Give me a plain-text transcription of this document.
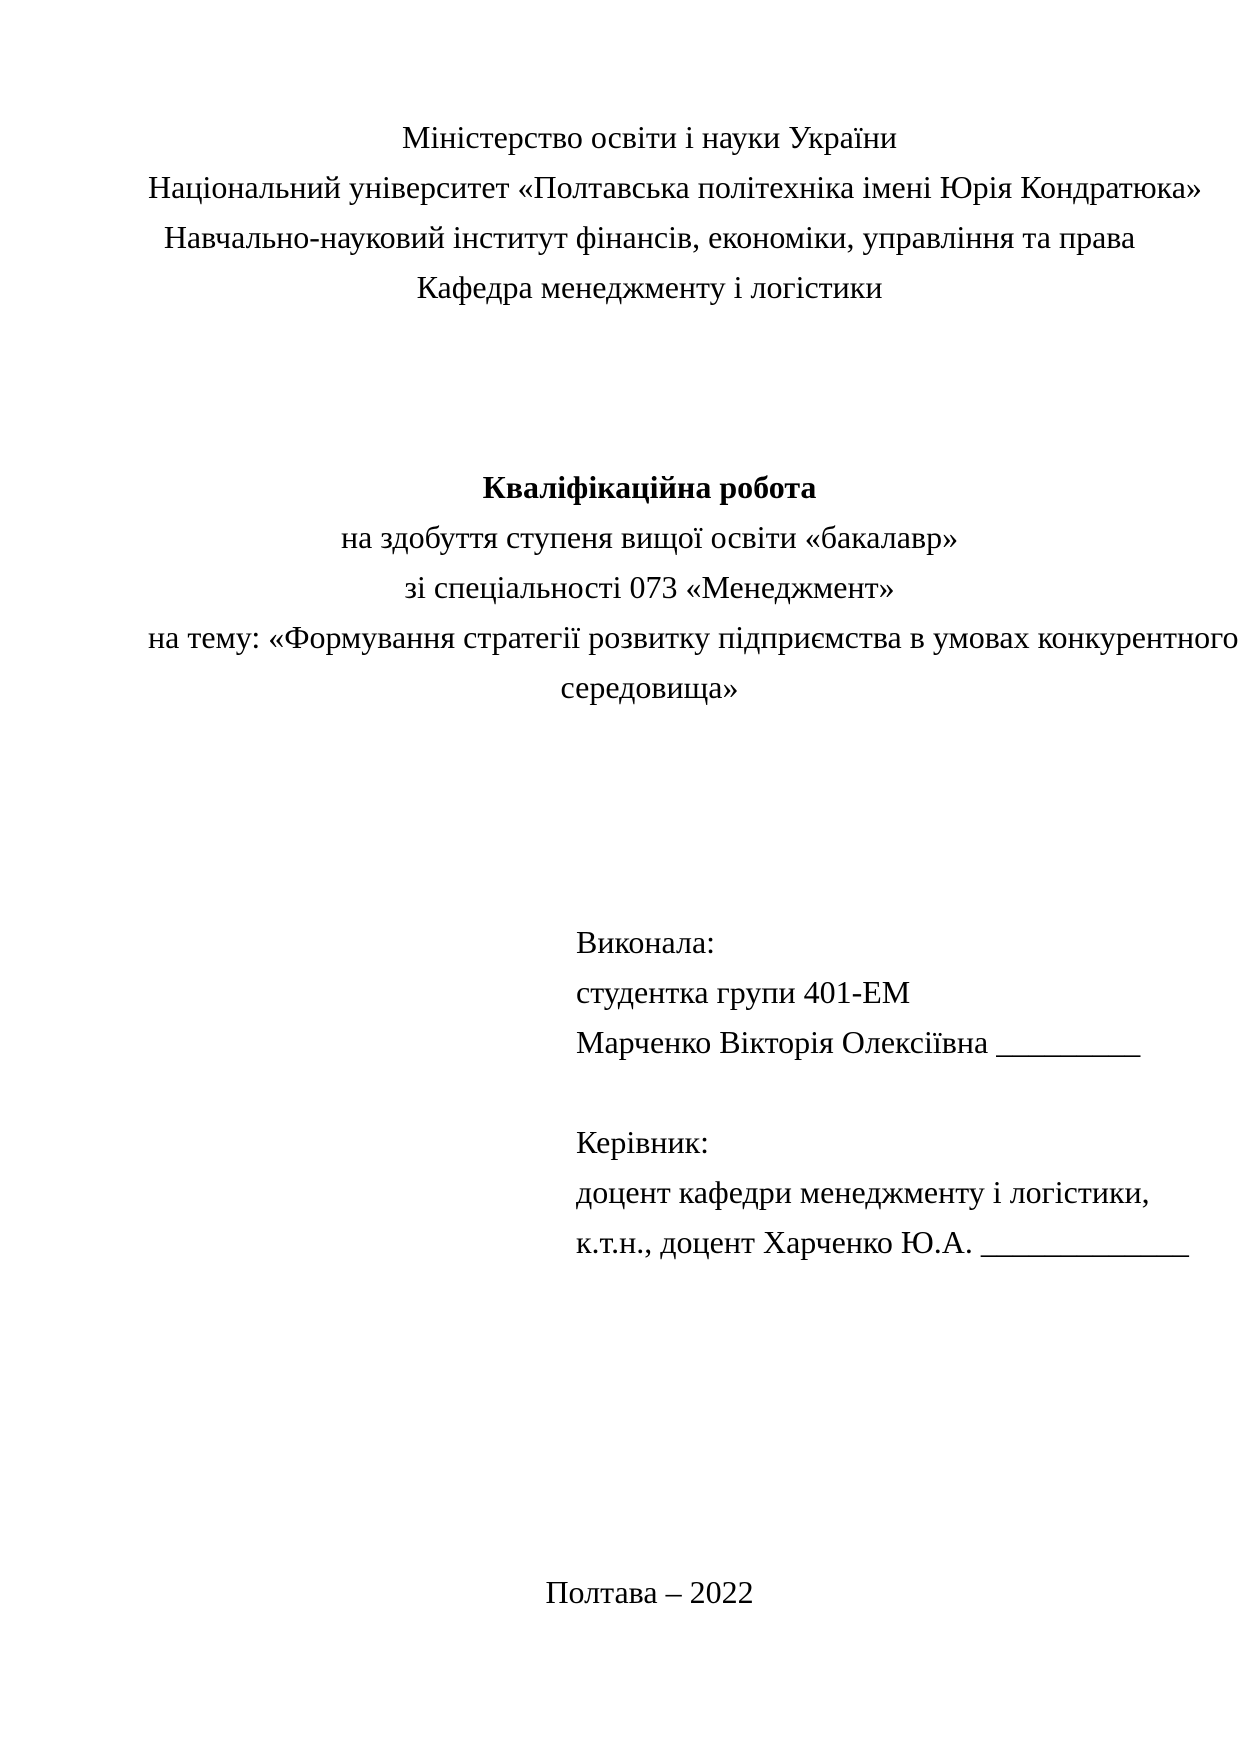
Міністерство освіти і науки України
Національний університет «Полтавська політехніка імені Юрія Кондратюка»
Навчально-науковий інститут фінансів, економіки, управління та права
Кафедра менеджменту і логістики
Кваліфікаційна робота
на здобуття ступеня вищої освіти «бакалавр»
зі спеціальності 073 «Менеджмент»
на тему: «Формування стратегії розвитку підприємства в умовах конкурентного
середовища»
Виконала:
студентка групи 401-ЕМ
Марченко Вікторія Олексіївна _________
Керівник:
доцент кафедри менеджменту і логістики,
к.т.н., доцент Харченко Ю.А. _____________
Полтава – 2022
